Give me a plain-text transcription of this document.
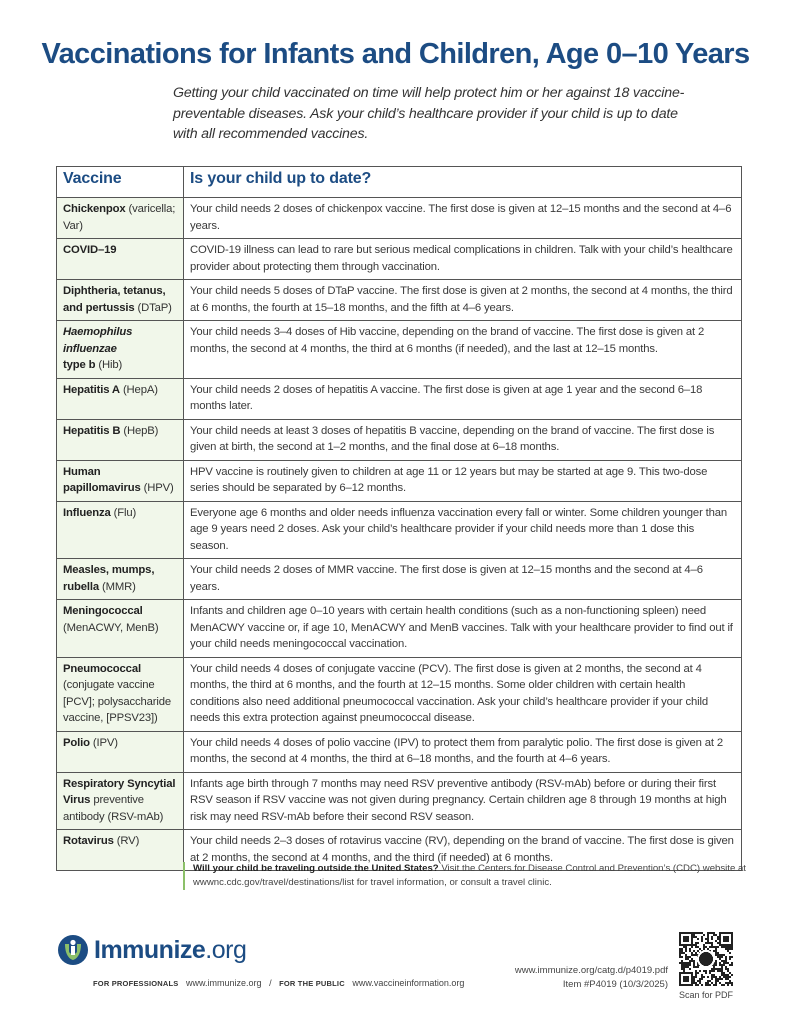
Vaccinations for Infants and Children, Age 0–10 Years
Getting your child vaccinated on time will help protect him or her against 18 vaccine-preventable diseases. Ask your child’s healthcare provider if your child is up to date with all recommended vaccines.
Vaccine	Is your child up to date?
Chickenpox (varicella; Var)	Your child needs 2 doses of chickenpox vaccine. The first dose is given at 12–15 months and the second at 4–6 years.
COVID–19	COVID-19 illness can lead to rare but serious medical complications in children. Talk with your child’s healthcare provider about protecting them through vaccination.
Diphtheria, tetanus, and pertussis (DTaP)	Your child needs 5 doses of DTaP vaccine. The first dose is given at 2 months, the second at 4 months, the third at 6 months, the fourth at 15–18 months, and the fifth at 4–6 years.
Haemophilus influenzae
type b (Hib)	Your child needs 3–4 doses of Hib vaccine, depending on the brand of vaccine. The first dose is given at 2 months, the second at 4 months, the third at 6 months (if needed), and the last at 12–15 months.
Hepatitis A (HepA)	Your child needs 2 doses of hepatitis A vaccine. The first dose is given at age 1 year and the second 6–18 months later.
Hepatitis B (HepB)	Your child needs at least 3 doses of hepatitis B vaccine, depending on the brand of vaccine. The first dose is given at birth, the second at 1–2 months, and the final dose at 6–18 months.
Human papillomavirus (HPV)	HPV vaccine is routinely given to children at age 11 or 12 years but may be started at age 9. This two-dose series should be separated by 6–12 months.
Influenza (Flu)	Everyone age 6 months and older needs influenza vaccination every fall or winter. Some children younger than age 9 years need 2 doses. Ask your child’s healthcare provider if your child needs more than 1 dose this season.
Measles, mumps, rubella (MMR)	Your child needs 2 doses of MMR vaccine. The first dose is given at 12–15 months and the second at 4–6 years.
Meningococcal (MenACWY, MenB)	Infants and children age 0–10 years with certain health conditions (such as a non-functioning spleen) need MenACWY vaccine or, if age 10, MenACWY and MenB vaccines. Talk with your healthcare provider to find out if your child needs meningococcal vaccination.
Pneumococcal (conjugate vaccine [PCV]; polysaccharide vaccine, [PPSV23])	Your child needs 4 doses of conjugate vaccine (PCV). The first dose is given at 2 months, the second at 4 months, the third at 6 months, and the fourth at 12–15 months. Some older children with certain health conditions also need additional pneumococcal vaccination. Ask your child’s healthcare provider if your child needs this extra protection against pneumococcal disease.
Polio (IPV)	Your child needs 4 doses of polio vaccine (IPV) to protect them from paralytic polio. The first dose is given at 2 months, the second at 4 months, the third at 6–18 months, and the fourth at 4–6 years.
Respiratory Syncytial Virus preventive antibody (RSV-mAb)	Infants age birth through 7 months may need RSV preventive antibody (RSV-mAb) before or during their first RSV season if RSV vaccine was not given during pregnancy. Certain children age 8 through 19 months at high risk may need RSV-mAb before their second RSV season.
Rotavirus (RV)	Your child needs 2–3 doses of rotavirus vaccine (RV), depending on the brand of vaccine. The first dose is given at 2 months, the second at 4 months, and the third (if needed) at 6 months.
Will your child be traveling outside the United States? Visit the Centers for Disease Control and Prevention’s (CDC) website at wwwnc.cdc.gov/travel/destinations/list for travel information, or consult a travel clinic.
Immunize.org
FOR PROFESSIONALS www.immunize.org / FOR THE PUBLIC www.vaccineinformation.org
www.immunize.org/catg.d/p4019.pdf
Item #P4019 (10/3/2025)
Scan for PDF
